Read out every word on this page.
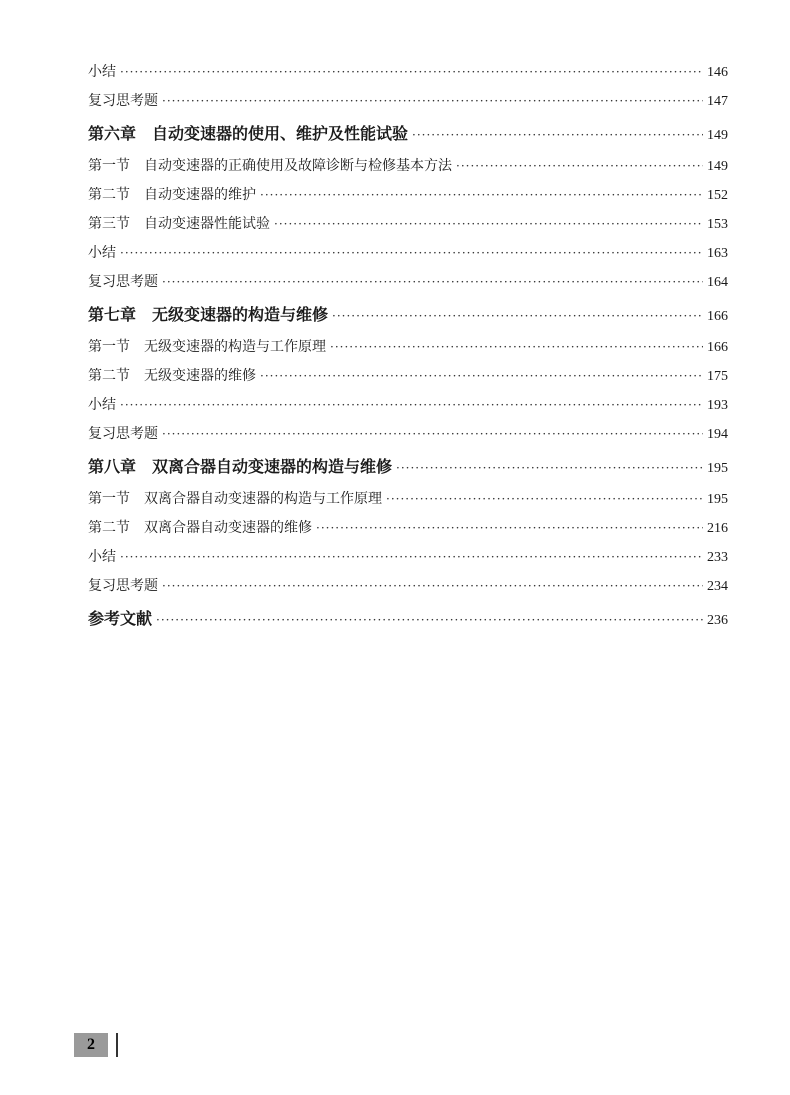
小结 ·····	146
复习思考题 ·····	147
第六章　自动变速器的使用、维护及性能试验 ·····	149
第一节　自动变速器的正确使用及故障诊断与检修基本方法 ·····	149
第二节　自动变速器的维护 ·····	152
第三节　自动变速器性能试验 ·····	153
小结 ·····	163
复习思考题 ·····	164
第七章　无级变速器的构造与维修 ·····	166
第一节　无级变速器的构造与工作原理 ·····	166
第二节　无级变速器的维修 ·····	175
小结 ·····	193
复习思考题 ·····	194
第八章　双离合器自动变速器的构造与维修 ·····	195
第一节　双离合器自动变速器的构造与工作原理 ·····	195
第二节　双离合器自动变速器的维修 ·····	216
小结 ·····	233
复习思考题 ·····	234
参考文献 ·····	236
2
